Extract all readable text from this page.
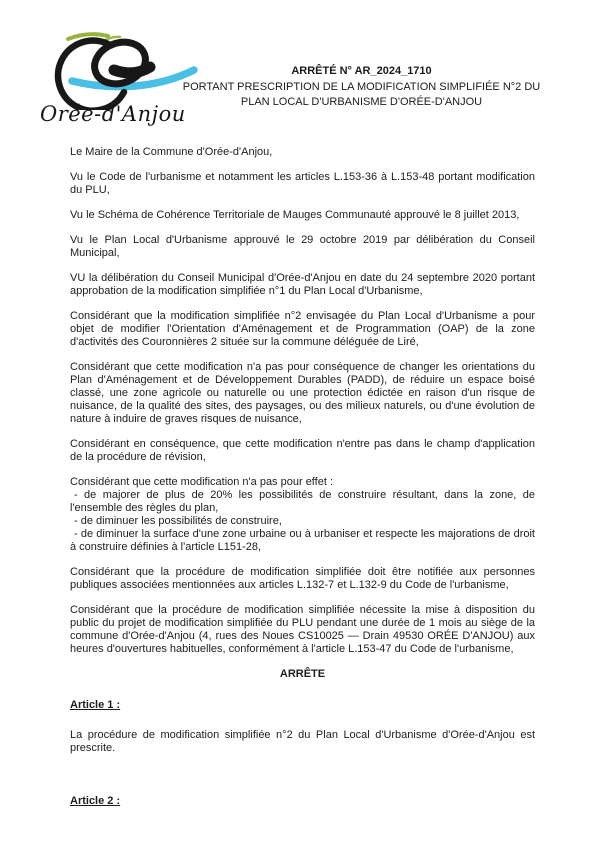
Orée-d'Anjou
ARRÊTÉ N° AR_2024_1710
PORTANT PRESCRIPTION DE LA MODIFICATION SIMPLIFIÉE N°2 DU
PLAN LOCAL D'URBANISME D'ORÉE-D'ANJOU
Le Maire de la Commune d'Orée-d'Anjou,
Vu le Code de l'urbanisme et notamment les articles L.153-36 à L.153-48 portant modification du PLU,
Vu le Schéma de Cohérence Territoriale de Mauges Communauté approuvé le 8 juillet 2013,
Vu le Plan Local d'Urbanisme approuvé le 29 octobre 2019 par délibération du Conseil Municipal,
VU la délibération du Conseil Municipal d'Orée-d'Anjou en date du 24 septembre 2020 portant approbation de la modification simplifiée n°1 du Plan Local d'Urbanisme,
Considérant que la modification simplifiée n°2 envisagée du Plan Local d'Urbanisme a pour objet de modifier l'Orientation d'Aménagement et de Programmation (OAP) de la zone d'activités des Couronnières 2 située sur la commune déléguée de Liré,
Considérant que cette modification n'a pas pour conséquence de changer les orientations du Plan d'Aménagement et de Développement Durables (PADD), de réduire un espace boisé classé, une zone agricole ou naturelle ou une protection édictée en raison d'un risque de nuisance, de la qualité des sites, des paysages, ou des milieux naturels, ou d'une évolution de nature à induire de graves risques de nuisance,
Considérant en conséquence, que cette modification n'entre pas dans le champ d'application de la procédure de révision,
Considérant que cette modification n'a pas pour effet :
- de majorer de plus de 20% les possibilités de construire résultant, dans la zone, de l'ensemble des règles du plan,
- de diminuer les possibilités de construire,
- de diminuer la surface d'une zone urbaine ou à urbaniser et respecte les majorations de droit à construire définies à l'article L151-28,
Considérant que la procédure de modification simplifiée doit être notifiée aux personnes publiques associées mentionnées aux articles L.132-7 et L.132-9 du Code de l'urbanisme,
Considérant que la procédure de modification simplifiée nécessite la mise à disposition du public du projet de modification simplifiée du PLU pendant une durée de 1 mois au siège de la commune d'Orée-d'Anjou (4, rues des Noues CS10025 — Drain 49530 ORÉE D'ANJOU) aux heures d'ouvertures habituelles, conformément à l'article L.153-47 du Code de l'urbanisme,
ARRÊTE
Article 1 :
La procédure de modification simplifiée n°2 du Plan Local d'Urbanisme d'Orée-d'Anjou est prescrite.
Article 2 :
